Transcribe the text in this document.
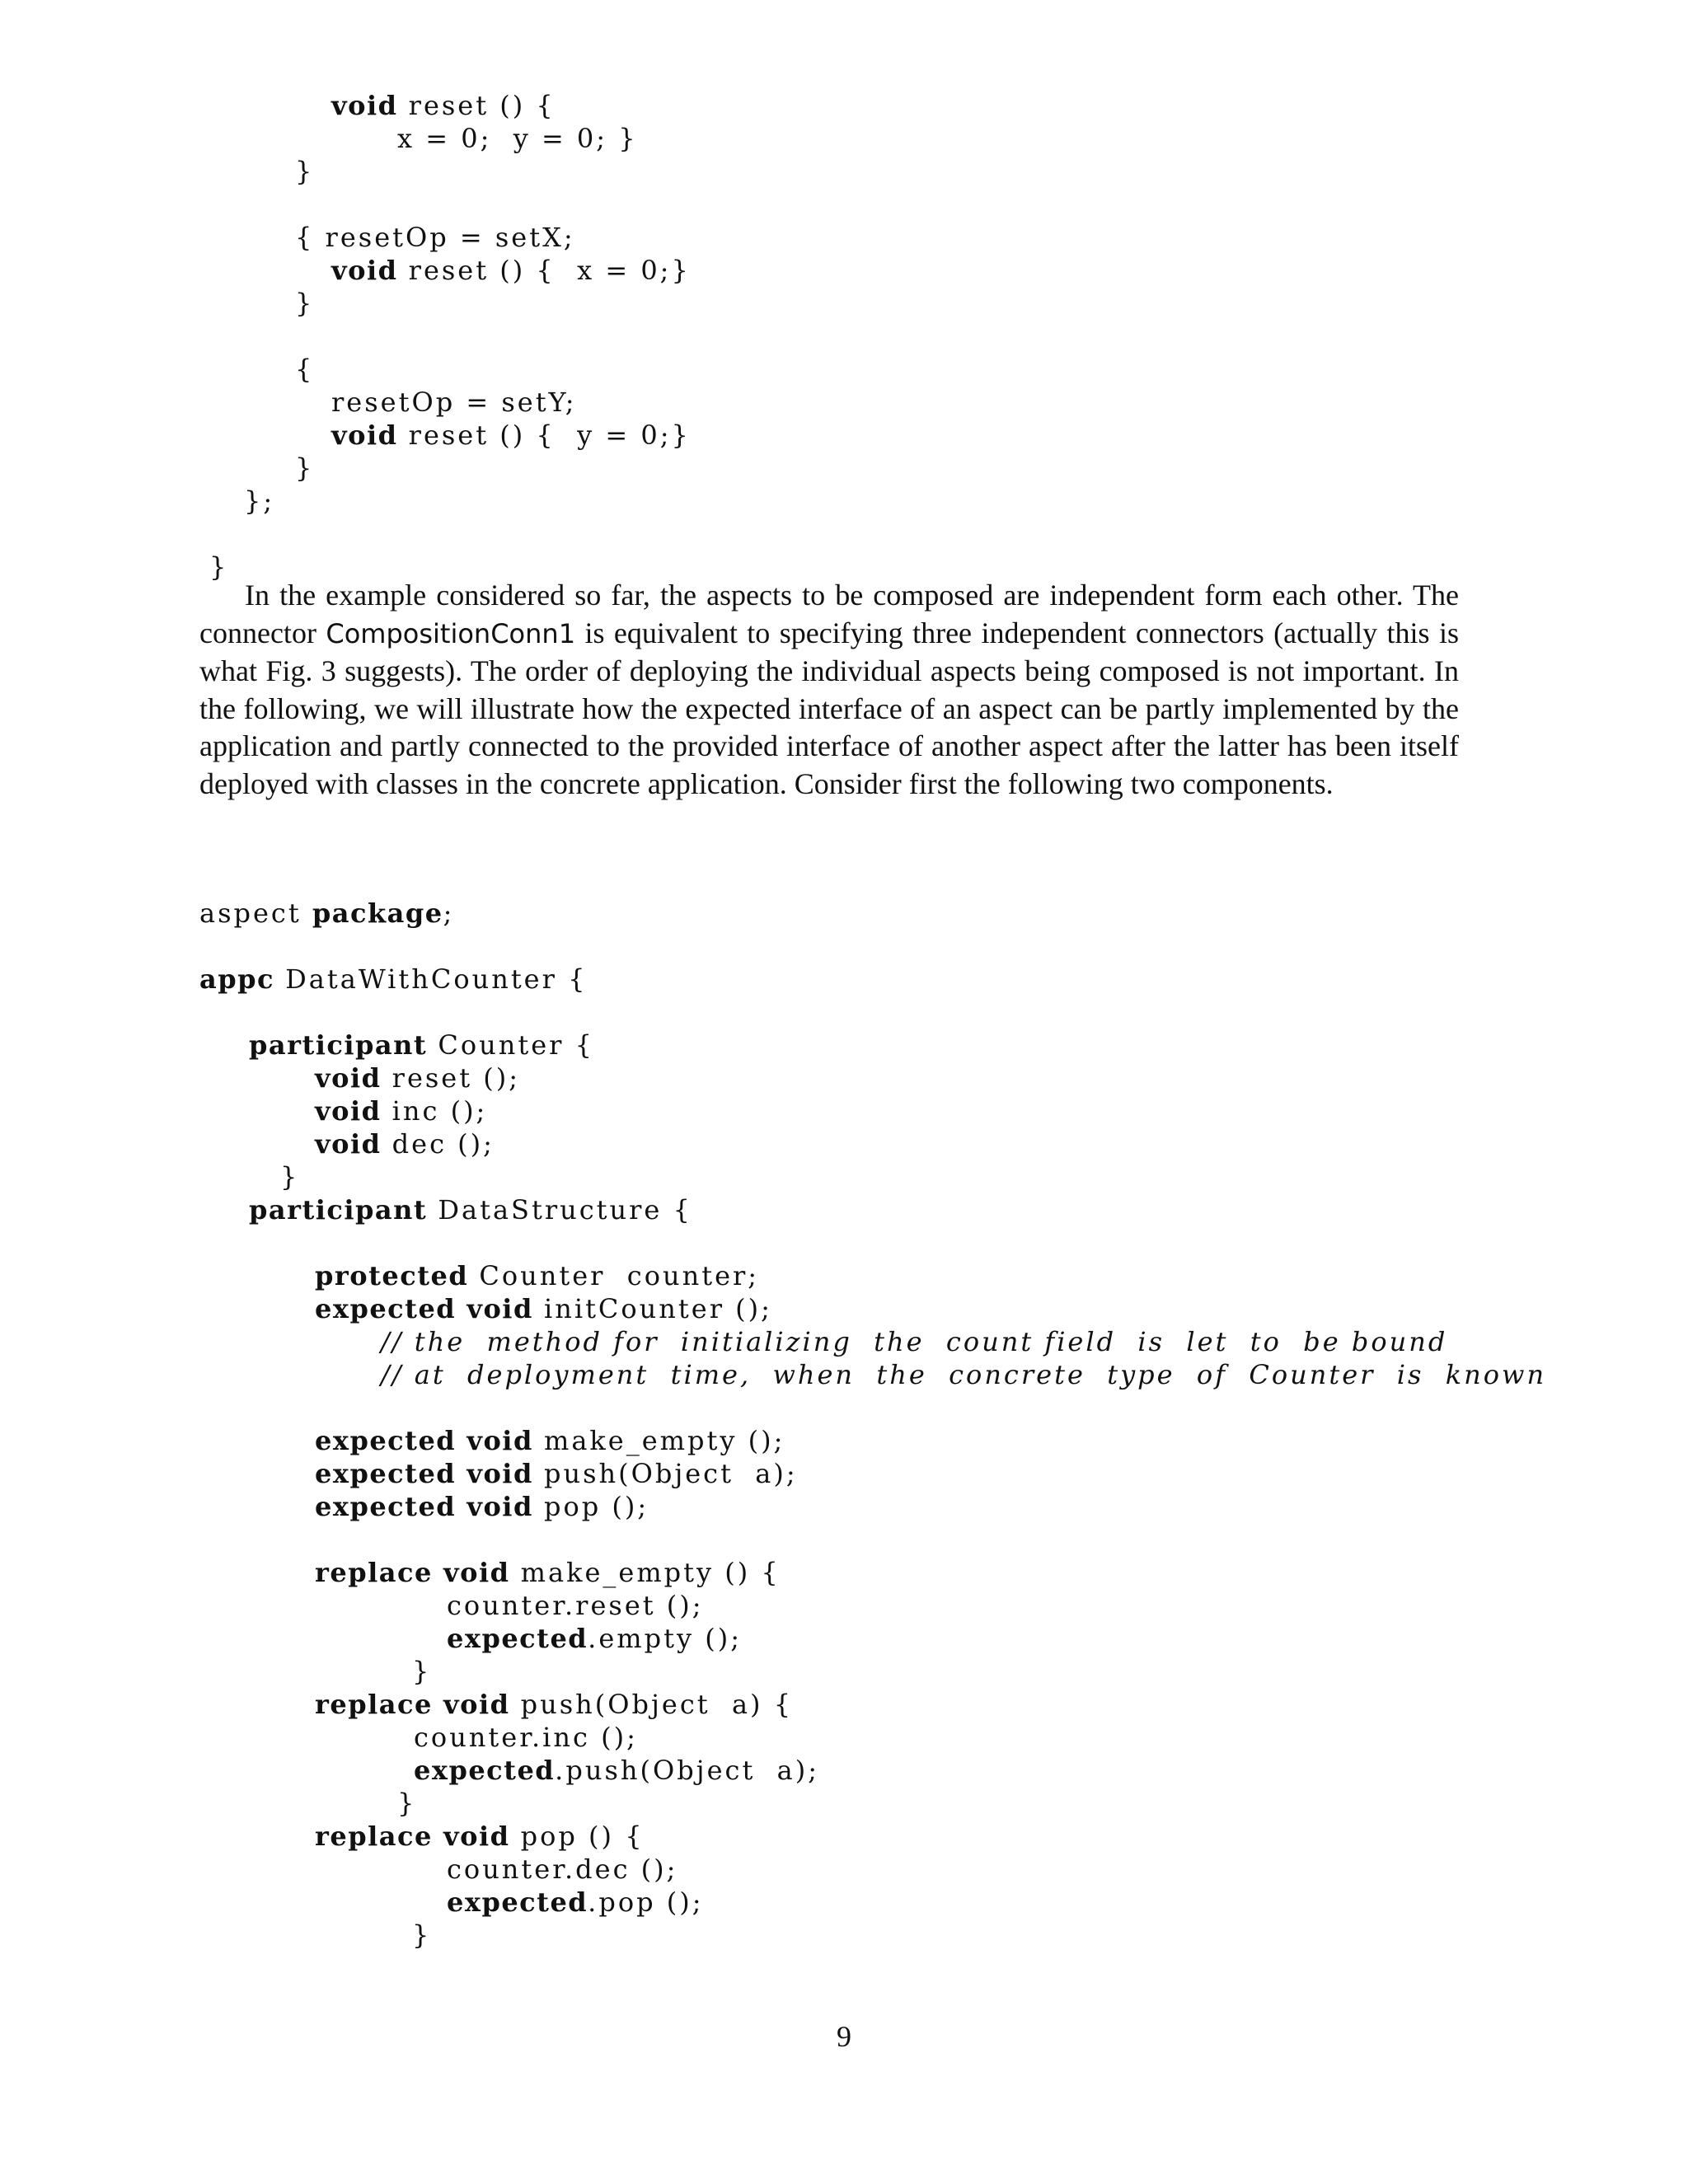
void reset () {
x = 0;  y = 0; }
}
{ resetOp = setX;
void reset () {  x = 0;}
}
{
resetOp = setY;
void reset () {  y = 0;}
}
};
}

In the example considered so far, the aspects to be composed are independent form each other. The connector CompositionConn1 is equivalent to specifying three independent connectors (actually this is what Fig. 3 suggests). The order of deploying the individual aspects being composed is not important. In the following, we will illustrate how the expected interface of an aspect can be partly implemented by the application and partly connected to the provided interface of another aspect after the latter has been itself deployed with classes in the concrete application. Consider first the following two components.

aspect package;
appc DataWithCounter {
participant Counter {
void reset ();
void inc ();
void dec ();
}
participant DataStructure {
protected Counter  counter;
expected void initCounter ();
// the  method for  initializing  the  count field  is  let  to  be bound
// at  deployment  time,  when  the  concrete  type  of  Counter  is  known
expected void make_empty ();
expected void push(Object  a);
expected void pop ();
replace void make_empty () {
counter.reset ();
expected.empty ();
}
replace void push(Object  a) {
counter.inc ();
expected.push(Object  a);
}
replace void pop () {
counter.dec ();
expected.pop ();
}
9
